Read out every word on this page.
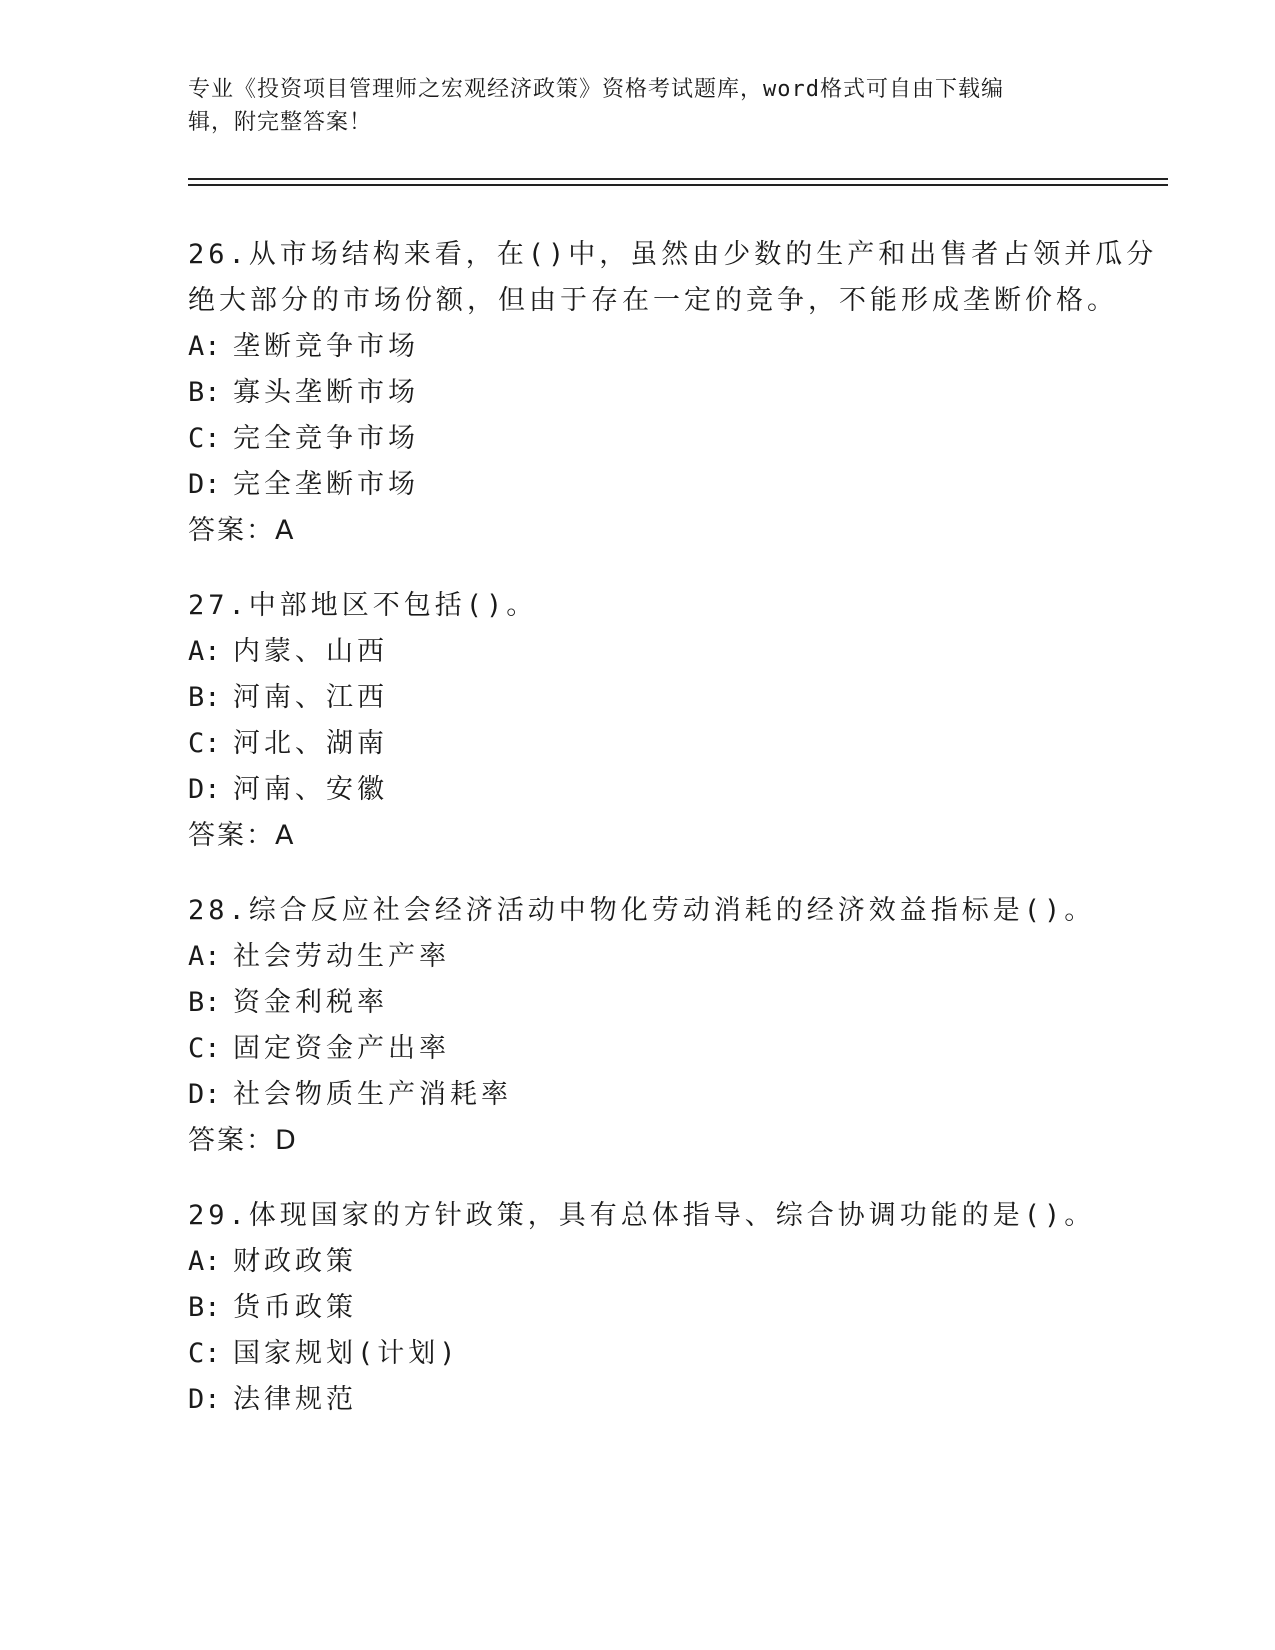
专业《投资项目管理师之宏观经济政策》资格考试题库，word格式可自由下载编
辑，附完整答案！
26.从市场结构来看，在()中，虽然由少数的生产和出售者占领并瓜分
绝大部分的市场份额，但由于存在一定的竞争，不能形成垄断价格。
A: 垄断竞争市场
B: 寡头垄断市场
C: 完全竞争市场
D: 完全垄断市场
答案：A
27.中部地区不包括()。
A: 内蒙、山西
B: 河南、江西
C: 河北、湖南
D: 河南、安徽
答案：A
28.综合反应社会经济活动中物化劳动消耗的经济效益指标是()。
A: 社会劳动生产率
B: 资金利税率
C: 固定资金产出率
D: 社会物质生产消耗率
答案：D
29.体现国家的方针政策，具有总体指导、综合协调功能的是()。
A: 财政政策
B: 货币政策
C: 国家规划(计划)
D: 法律规范
